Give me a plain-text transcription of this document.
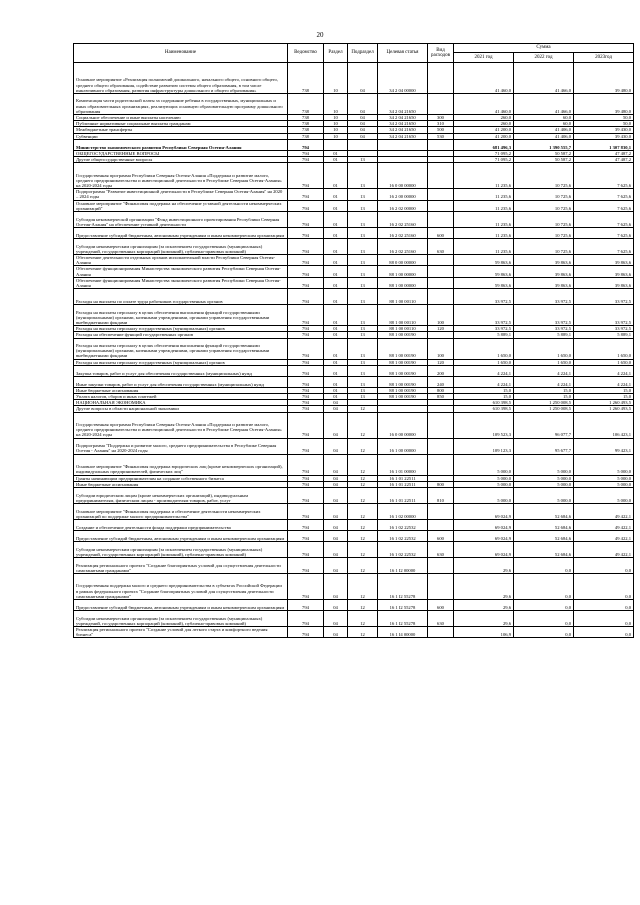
20
Наименование	Ведомство	Раздел	Подраздел	Целевая статья	Вид расходов	Сумма		
						2021 год	2022 год	2023год
Основное мероприятие «Реализация полномочий дошкольного, начального общего, основного общего, среднего общего образования, содействие развитию системы общего образования, в том числе инклюзивного образования, развития инфраструктуры дошкольного и общего образования»	738	10	04	34 2 04 00000		41 460,0	41 466,0	39 480,0
Компенсация части родительской платы за содержание ребенка в государственных, муниципальных и иных образовательных организациях, реализующих основную образовательную программу дошкольного образования	738	10	04	34 2 04 21650		41 460,0	41 466,0	39 480,0
Социальное обеспечение и иные выплаты населению	738	10	04	34 2 04 21650	300	260,0	60,0	50,0
Публичные нормативные социальные выплаты гражданам	738	10	04	34 2 04 21650	310	260,0	60,0	50,0
Межбюджетные трансферты	738	10	04	34 2 04 21650	500	41 200,0	41 406,0	39 430,0
Субвенции	738	10	04	34 2 04 21650	530	41 200,0	41 406,0	39 430,0
Министерство экономического развития Республики Северная Осетия-Алания	794					681 496,3	1 390 555,7	1 307 830,1
ОБЩЕГОСУДАРСТВЕННЫЕ ВОПРОСЫ	794	01				71 095,2	50 587,2	47 487,2
Другие общегосударственные вопросы	794	01	13			71 095,2	50 587,2	47 487,2
Государственная программа Республики Северная Осетия-Алания «Поддержка и развитие малого, среднего предпринимательства и инвестиционной деятельности в Республике Северная Осетия-Алания» на 2020-2024 годы	794	01	13	16 0 00 00000		11 235,6	10 725,6	7 625,6
Подпрограмма "Развитие инвестиционной деятельности в Республике Северная Осетия-Алания" на 2020 – 2024 годы	794	01	13	16 2 00 00000		11 235,6	10 725,6	7 625,6
Основное мероприятие "Финансовая поддержка на обеспечение уставной деятельности некоммерческих организаций"	794	01	13	16 2 02 00000		11 235,6	10 725,6	7 625,6
Субсидия некоммерческой организации "Фонд инвестиционного проектирования Республики Северная Осетия-Алания" на обеспечение уставной деятельности	794	01	13	16 2 02 25160		11 235,6	10 725,6	7 625,6
Предоставление субсидий бюджетным, автономным учреждениям и иным некоммерческим организациям	794	01	13	16 2 02 25160	600	11 235,6	10 725,6	7 625,6
Субсидии некоммерческим организациям (за исключением государственных (муниципальных) учреждений, государственных корпораций (компаний), публично-правовых компаний)	794	01	13	16 2 02 25160	630	11 235,6	10 725,6	7 625,6
Обеспечение деятельности отдельных органов исполнительной власти Республики Северная Осетия-Алания	794	01	13	88 0 00 00000		59 863,6	39 863,6	39 863,6
Обеспечение функционирования Министерства экономического развития Республики Северная Осетия-Алания	794	01	13	88 1 00 00000		59 863,6	39 863,6	39 863,6
Обеспечение функционирования Министерства экономического развития Республики Северная Осетия-Алания	794	01	13	88 1 00 00000		59 863,6	39 863,6	39 863,6
Расходы на выплаты по оплате труда работников государственных органов	794	01	13	88 1 00 00110		33 972,5	33 972,5	33 972,5
Расходы на выплаты персоналу в целях обеспечения выполнения функций государственными (муниципальными) органами, казенными учреждениями, органами управления государственными внебюджетными фондами	794	01	13	88 1 00 00110	100	33 972,5	33 972,5	33 972,5
Расходы на выплаты персоналу государственных (муниципальных) органов	794	01	13	88 1 00 00110	120	33 972,5	33 972,5	33 972,5
Расходы на обеспечение функций государственных органов	794	01	13	88 1 00 00190		5 889,1	5 889,1	5 889,1
Расходы на выплаты персоналу в целях обеспечения выполнения функций государственными (муниципальными) органами, казенными учреждениями, органами управления государственными внебюджетными фондами	794	01	13	88 1 00 00190	100	1 650,0	1 650,0	1 650,0
Расходы на выплаты персоналу государственных (муниципальных) органов	794	01	13	88 1 00 00190	120	1 650,0	1 650,0	1 650,0
Закупка товаров, работ и услуг для обеспечения государственных (муниципальных) нужд	794	01	13	88 1 00 00190	200	4 224,1	4 224,1	4 224,1
Иные закупки товаров, работ и услуг для обеспечения государственных (муниципальных) нужд	794	01	13	88 1 00 00190	240	4 224,1	4 224,1	4 224,1
Иные бюджетные ассигнования	794	01	13	88 1 00 00190	800	15,0	15,0	15,0
Уплата налогов, сборов и иных платежей	794	01	13	88 1 00 00190	850	15,0	15,0	15,0
НАЦИОНАЛЬНАЯ ЭКОНОМИКА	794	04				610 398,5	1 250 008,5	1 260 493,5
Другие вопросы в области национальной экономики	794	04	12			610 398,5	1 250 008,5	1 260 493,5
Государственная программа Республики Северная Осетия-Алания «Поддержка и развитие малого, среднего предпринимательства и инвестиционной деятельности в Республике Северная Осетия-Алания» на 2020-2024 годы	794	04	12	16 0 00 00000		109 523,3	96 077,7	106 423,1
Подпрограмма "Поддержка и развитие малого, среднего предпринимательства в Республике Северная Осетия - Алания" на 2020-2024 годы	794	04	12	16 1 00 00000		109 123,3	95 677,7	99 423,1
Основное мероприятие "Финансовая поддержка юридических лиц (кроме некоммерческих организаций), индивидуальных предпринимателей, физических лиц"	794	04	12	16 1 01 00000		5 000,0	5 000,0	5 000,0
Гранты начинающим предпринимателям на создание собственного бизнеса	794	04	12	16 1 01 22511		5 000,0	5 000,0	5 000,0
Иные бюджетные ассигнования	794	04	12	16 1 01 22511	800	5 000,0	5 000,0	5 000,0
Субсидии юридическим лицам (кроме некоммерческих организаций), индивидуальным предпринимателям, физическим лицам - производителям товаров, работ, услуг	794	04	12	16 1 01 22511	810	5 000,0	5 000,0	5 000,0
Основное мероприятие "Финансовая поддержка и обеспечение деятельности некоммерческих организаций по поддержке малого предпринимательства"	794	04	12	16 1 02 00000		69 024,9	52 684,6	49 422,1
Создание и обеспечение деятельности фонда поддержки предпринимательства	794	04	12	16 1 02 22532		69 024,9	52 684,6	49 422,1
Предоставление субсидий бюджетным, автономным учреждениям и иным некоммерческим организациям	794	04	12	16 1 02 22532	600	69 024,9	52 684,6	49 422,1
Субсидии некоммерческим организациям (за исключением государственных (муниципальных) учреждений, государственных корпораций (компаний), публично-правовых компаний)	794	04	12	16 1 02 22532	630	69 024,9	52 684,6	49 422,1
Реализация регионального проекта "Создание благоприятных условий для осуществления деятельности самозанятыми гражданами"	794	04	12	16 1 I2 00000		29,6	0,0	0,0
Государственная поддержка малого и среднего предпринимательства в субъектах Российской Федерации в рамках федерального проекта "Создание благоприятных условий для осуществления деятельности самозанятыми гражданами"	794	04	12	16 1 I2 55278		29,6	0,0	0,0
Предоставление субсидий бюджетным, автономным учреждениям и иным некоммерческим организациям	794	04	12	16 1 I2 55278	600	29,6	0,0	0,0
Субсидии некоммерческим организациям (за исключением государственных (муниципальных) учреждений, государственных корпораций (компаний), публично-правовых компаний)	794	04	12	16 1 I2 55278	630	29,6	0,0	0,0
Реализация регионального проекта "Создание условий для легкого старта и комфортного ведения бизнеса"	794	04	12	16 1 I4 00000		106,9	0,0	0,0
